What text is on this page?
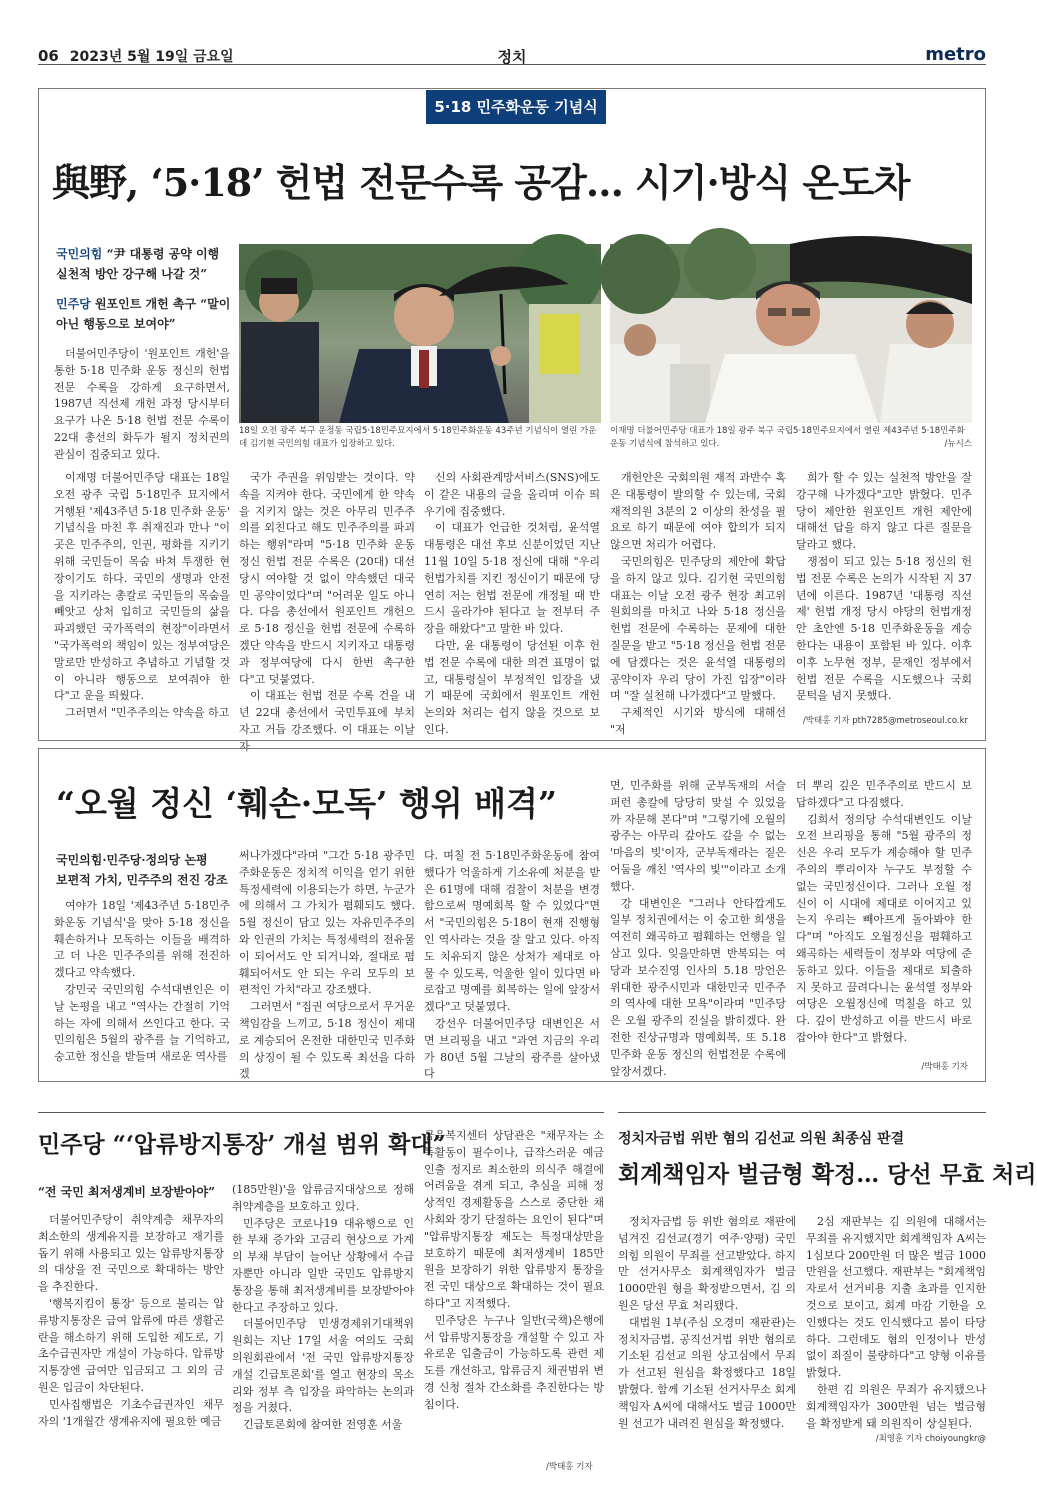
06 2023년 5월 19일 금요일	정치	metro
5·18 민주화운동 기념식
與野, ‘5·18’ 헌법 전문수록 공감… 시기·방식 온도차
국민의힘 “尹 대통령 공약 이행 실천적 방안 강구해 나갈 것”
민주당 원포인트 개헌 촉구 “말이 아닌 행동으로 보여야”

더불어민주당이 '원포인트 개헌'을 통한 5·18 민주화 운동 정신의 헌법 전문 수록을 강하게 요구하면서, 1987년 직선제 개헌 과정 당시부터 요구가 나온 5·18 헌법 전문 수록이 22대 총선의 화두가 될지 정치권의 관심이 집중되고 있다.

18일 오전 광주 북구 운정동 국립5·18민주묘지에서 5·18민주화운동 43주년 기념식이 열린 가운데 김기현 국민의힘 대표가 입장하고 있다.
이재명 더불어민주당 대표가 18일 광주 북구 국립5·18민주묘지에서 열린 제43주년 5·18민주화운동 기념식에 참석하고 있다.	/뉴시스

이재명 더불어민주당 대표는 18일 오전 광주 국립 5·18민주 묘지에서 거행된 '제43주년 5·18 민주화 운동' 기념식을 마친 후 취재진과 만나 "이 곳은 민주주의, 인권, 평화를 지키기 위해 국민들이 목숨 바쳐 투쟁한 현장이기도 하다. 국민의 생명과 안전을 지키라는 총칼로 국민들의 목숨을 빼앗고 상처 입히고 국민들의 삶을 파괴했던 국가폭력의 현장"이라면서 "국가폭력의 책임이 있는 정부여당은 말로만 반성하고 추념하고 기념할 것이 아니라 행동으로 보여줘야 한다"고 운을 띄웠다.

그러면서 "민주주의는 약속을 하고

국가 주권을 위임받는 것이다. 약속을 지켜야 한다. 국민에게 한 약속을 지키지 않는 것은 아무리 민주주의를 외친다고 해도 민주주의를 파괴하는 행위"라며 "5·18 민주화 운동 정신 헌법 전문 수록은 (20대) 대선 당시 여야할 것 없이 약속했던 대국민 공약이었다"며 "어려운 일도 아니다. 다음 총선에서 원포인트 개헌으로 5·18 정신을 헌법 전문에 수록하겠단 약속을 반드시 지키자고 대통령과 정부여당에 다시 한번 촉구한다"고 덧붙였다.

이 대표는 헌법 전문 수록 건을 내년 22대 총선에서 국민투표에 부치자고 거듭 강조했다. 이 대표는 이날 자

신의 사회관계망서비스(SNS)에도 이 같은 내용의 글을 올리며 이슈 띄우기에 집중했다.

이 대표가 언급한 것처럼, 윤석열 대통령은 대선 후보 신분이었던 지난 11월 10일 5·18 정신에 대해 "우리 헌법가치를 지킨 정신이기 때문에 당연히 저는 헌법 전문에 개정될 때 반드시 올라가야 된다고 늘 전부터 주장을 해왔다"고 말한 바 있다.

다만, 윤 대통령이 당선된 이후 헌법 전문 수록에 대한 의견 표명이 없고, 대통령실이 부정적인 입장을 냈기 때문에 국회에서 원포인트 개헌 논의와 처리는 쉽지 않을 것으로 보인다.

개헌안은 국회의원 재적 과반수 혹은 대통령이 발의할 수 있는데, 국회 재적의원 3분의 2 이상의 찬성을 필요로 하기 때문에 여야 합의가 되지 않으면 처리가 어렵다.

국민의힘은 민주당의 제안에 확답을 하지 않고 있다. 김기현 국민의힘 대표는 이날 오전 광주 현장 최고위원회의를 마치고 나와 5·18 정신을 헌법 전문에 수록하는 문제에 대한 질문을 받고 "5·18 정신을 헌법 전문에 담겠다는 것은 윤석열 대통령의 공약이자 우리 당이 가진 입장"이라며 "잘 실천해 나가겠다"고 말했다.

구체적인 시기와 방식에 대해선 "저

희가 할 수 있는 실천적 방안을 잘 강구해 나가겠다"고만 밝혔다. 민주당이 제안한 원포인트 개헌 제안에 대해선 답을 하지 않고 다른 질문을 달라고 했다.

쟁점이 되고 있는 5·18 정신의 헌법 전문 수록은 논의가 시작된 지 37년에 이른다. 1987년 '대통령 직선제' 헌법 개정 당시 야당의 헌법개정안 초안엔 5·18 민주화운동을 계승한다는 내용이 포함된 바 있다. 이후 이후 노무현 정부, 문재인 정부에서 헌법 전문 수록을 시도했으나 국회 문턱을 넘지 못했다.

/박태홍 기자 pth7285@metroseoul.co.kr
“오월 정신 ‘훼손·모독’ 행위 배격”
국민의힘·민주당·정의당 논평
보편적 가치, 민주주의 전진 강조

여야가 18일 '제43주년 5·18민주화운동 기념식'을 맞아 5·18 정신을 훼손하거나 모독하는 이들을 배격하고 더 나은 민주주의를 위해 전진하겠다고 약속했다.

강민국 국민의힘 수석대변인은 이날 논평을 내고 "역사는 간절히 기억하는 자에 의해서 쓰인다고 한다. 국민의힘은 5월의 광주를 늘 기억하고, 숭고한 정신을 받들며 새로운 역사를

써나가겠다"라며 "그간 5·18 광주민주화운동은 정치적 이익을 얻기 위한 특정세력에 이용되는가 하면, 누군가에 의해서 그 가치가 폄훼되도 했다. 5월 정신이 담고 있는 자유민주주의와 인권의 가치는 특정세력의 전유물이 되어서도 안 되거니와, 절대로 폄훼되어서도 안 되는 우리 모두의 보편적인 가치"라고 강조했다.

그러면서 "집권 여당으로서 무거운 책임감을 느끼고, 5·18 정신이 제대로 계승되어 온전한 대한민국 민주화의 상징이 될 수 있도록 최선을 다하겠

다. 며칠 전 5·18민주화운동에 참여했다가 억울하게 기소유예 처분을 받은 61명에 대해 검찰이 처분을 변경함으로써 명예회복 할 수 있었다"면서 "국민의힘은 5·18이 현재 진행형인 역사라는 것을 잘 알고 있다. 아직도 치유되지 않은 상처가 제대로 아물 수 있도록, 억울한 일이 있다면 바로잡고 명예를 회복하는 일에 앞장서겠다"고 덧붙였다.

강선우 더불어민주당 대변인은 서면 브리핑을 내고 "과연 지금의 우리가 80년 5월 그날의 광주를 살아냈다

면, 민주화를 위해 군부독재의 서슬퍼런 총칼에 당당히 맞설 수 있었을까 자문해 본다"며 "그렇기에 오월의 광주는 아무리 갚아도 갚을 수 없는 '마음의 빚'이자, 군부독재라는 짙은 어둠을 깨친 '역사의 빛'"이라고 소개했다.

강 대변인은 "그러나 안타깝게도 일부 정치권에서는 이 숭고한 희생을 여전히 왜곡하고 폄훼하는 언행을 일삼고 있다. 잊을만하면 반복되는 여당과 보수진영 인사의 5.18 망언은 위대한 광주시민과 대한민국 민주주의 역사에 대한 모욕"이라며 "민주당은 오월 광주의 진실을 밝히겠다. 완전한 진상규명과 명예회복, 또 5.18 민주화 운동 정신의 헌법전문 수록에 앞장서겠다.

더 뿌리 깊은 민주주의로 반드시 보답하겠다"고 다짐했다.

김희서 정의당 수석대변인도 이날 오전 브리핑을 통해 "5월 광주의 정신은 우리 모두가 계승해야 할 민주주의의 뿌리이자 누구도 부정할 수 없는 국민정신이다. 그러나 오월 정신이 이 시대에 제대로 이어지고 있는지 우리는 빼아프게 돌아봐야 한다"며 "아직도 오월정신을 폄훼하고 왜곡하는 세력들이 정부와 여당에 준동하고 있다. 이들을 제대로 퇴출하지 못하고 끌려다니는 윤석열 정부와 여당은 오월정신에 먹칠을 하고 있다. 깊이 반성하고 이를 반드시 바로잡아야 한다"고 밝혔다.

/박태홍 기자
민주당 “‘압류방지통장’ 개설 범위 확대”
“전 국민 최저생계비 보장받아야”

더불어민주당이 취약계층 채무자의 최소한의 생계유지를 보장하고 재기를 돕기 위해 사용되고 있는 압류방지통장의 대상을 전 국민으로 확대하는 방안을 추진한다.

'행복지킴이 통장' 등으로 불리는 압류방지통장은 급여 압류에 따른 생활곤란을 해소하기 위해 도입한 제도로, 기초수급권자만 개설이 가능하다. 압류방지통장엔 급여만 입금되고 그 외의 금원은 입금이 차단된다.

민사집행법은 기초수급권자인 채무자의 '1개월간 생계유지에 필요한 예금

(185만원)'을 압류금지대상으로 정해 취약계층을 보호하고 있다.

민주당은 코로나19 대유행으로 인한 부채 증가와 고금리 현상으로 가계의 부채 부담이 늘어난 상황에서 수급자뿐만 아니라 일반 국민도 압류방지통장을 통해 최저생계비를 보장받아야 한다고 주장하고 있다.

더불어민주당 민생경제위기대책위원회는 지난 17일 서울 여의도 국회 의원회관에서 '전 국민 압류방지통장 개설 긴급토론회'를 열고 현장의 목소리와 정부 측 입장을 파악하는 논의과정을 거쳤다.

긴급토론회에 참여한 전영훈 서울

금융복지센터 상담관은 "채무자는 소득활동이 필수이나, 급작스러운 예금 인출 정지로 최소한의 의식주 해결에 어려움을 겪게 되고, 추심을 피해 정상적인 경제활동을 스스로 중단한 채 사회와 장기 단절하는 요인이 된다"며 "압류방지통장 제도는 특정대상만을 보호하기 때문에 최저생계비 185만원을 보장하기 위한 압류방지 통장을 전 국민 대상으로 확대하는 것이 필요하다"고 지적했다.

민주당은 누구나 일반(국책)은행에서 압류방지통장을 개설할 수 있고 자유로운 입출금이 가능하도록 관련 제도를 개선하고, 압류금지 채권범위 변경 신청 절차 간소화를 추진한다는 방침이다.

/박태홍 기자
정치자금법 위반 혐의 김선교 의원 최종심 판결
회계책임자 벌금형 확정… 당선 무효 처리

정치자금법 등 위반 혐의로 재판에 넘겨진 김선교(경기 여주·양평) 국민의힘 의원이 무죄를 선고받았다. 하지만 선거사무소 회계책임자가 벌금 1000만원 형을 확정받으면서, 김 의원은 당선 무효 처리됐다.

대법원 1부(주심 오경미 재판관)는 정치자금법, 공직선거법 위반 혐의로 기소된 김선교 의원 상고심에서 무죄가 선고된 원심을 확정했다고 18일 밝혔다. 함께 기소된 선거사무소 회계책임자 A씨에 대해서도 벌금 1000만원 선고가 내려진 원심을 확정했다.

2심 재판부는 김 의원에 대해서는 무죄를 유지했지만 회계책임자 A씨는 1심보다 200만원 더 많은 벌금 1000만원을 선고했다. 재판부는 "회계책임자로서 선거비용 지출 초과를 인지한 것으로 보이고, 회계 마감 기한을 오인했다는 것도 인식했다고 봄이 타당하다. 그런데도 혐의 인정이나 반성 없이 죄질이 불량하다"고 양형 이유를 밝혔다.

한편 김 의원은 무죄가 유지됐으나 회계책임자가 300만원 넘는 벌금형을 확정받게 돼 의원직이 상실된다.

/최영훈 기자 choiyoungkr@
